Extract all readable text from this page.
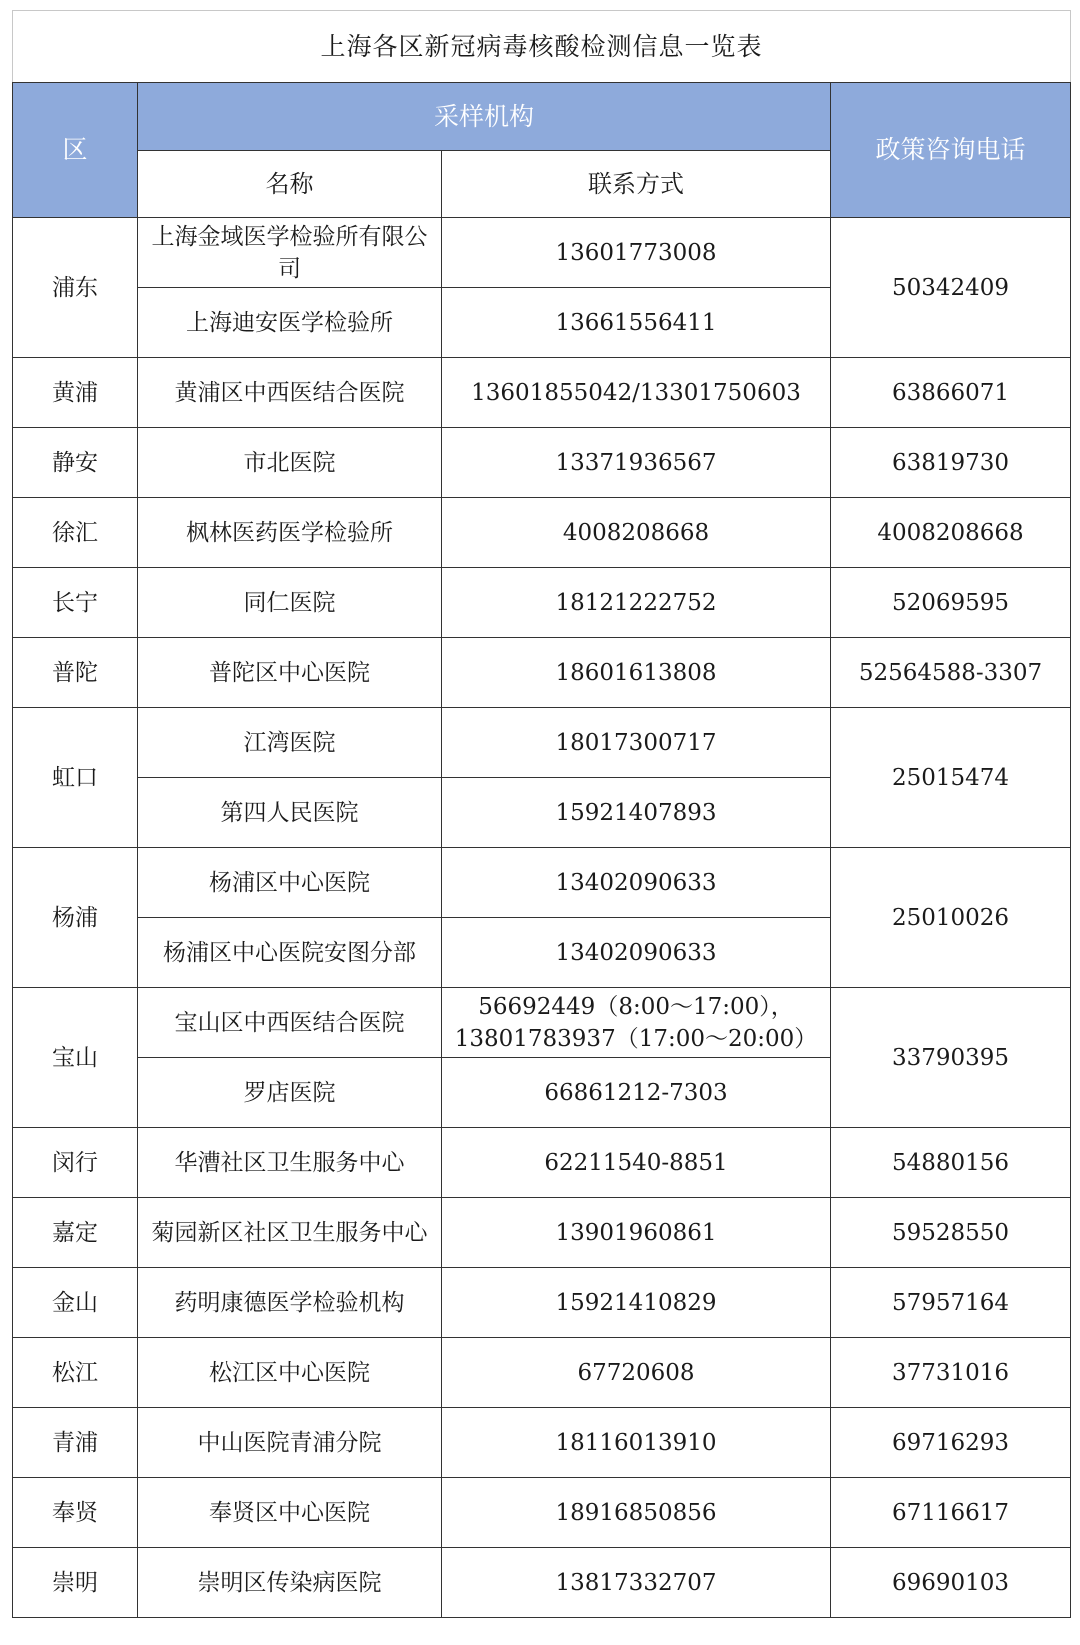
上海各区新冠病毒核酸检测信息一览表			
区	采样机构		政策咨询电话
	名称	联系方式	
浦东	上海金域医学检验所有限公司	13601773008	50342409
	上海迪安医学检验所	13661556411	
黄浦	黄浦区中西医结合医院	13601855042/13301750603	63866071
静安	市北医院	13371936567	63819730
徐汇	枫林医药医学检验所	4008208668	4008208668
长宁	同仁医院	18121222752	52069595
普陀	普陀区中心医院	18601613808	52564588-3307
虹口	江湾医院	18017300717	25015474
	第四人民医院	15921407893	
杨浦	杨浦区中心医院	13402090633	25010026
	杨浦区中心医院安图分部	13402090633	
宝山	宝山区中西医结合医院	56692449（8:00～17:00），13801783937（17:00～20:00）	33790395
	罗店医院	66861212-7303	
闵行	华漕社区卫生服务中心	62211540-8851	54880156
嘉定	菊园新区社区卫生服务中心	13901960861	59528550
金山	药明康德医学检验机构	15921410829	57957164
松江	松江区中心医院	67720608	37731016
青浦	中山医院青浦分院	18116013910	69716293
奉贤	奉贤区中心医院	18916850856	67116617
崇明	崇明区传染病医院	13817332707	69690103
